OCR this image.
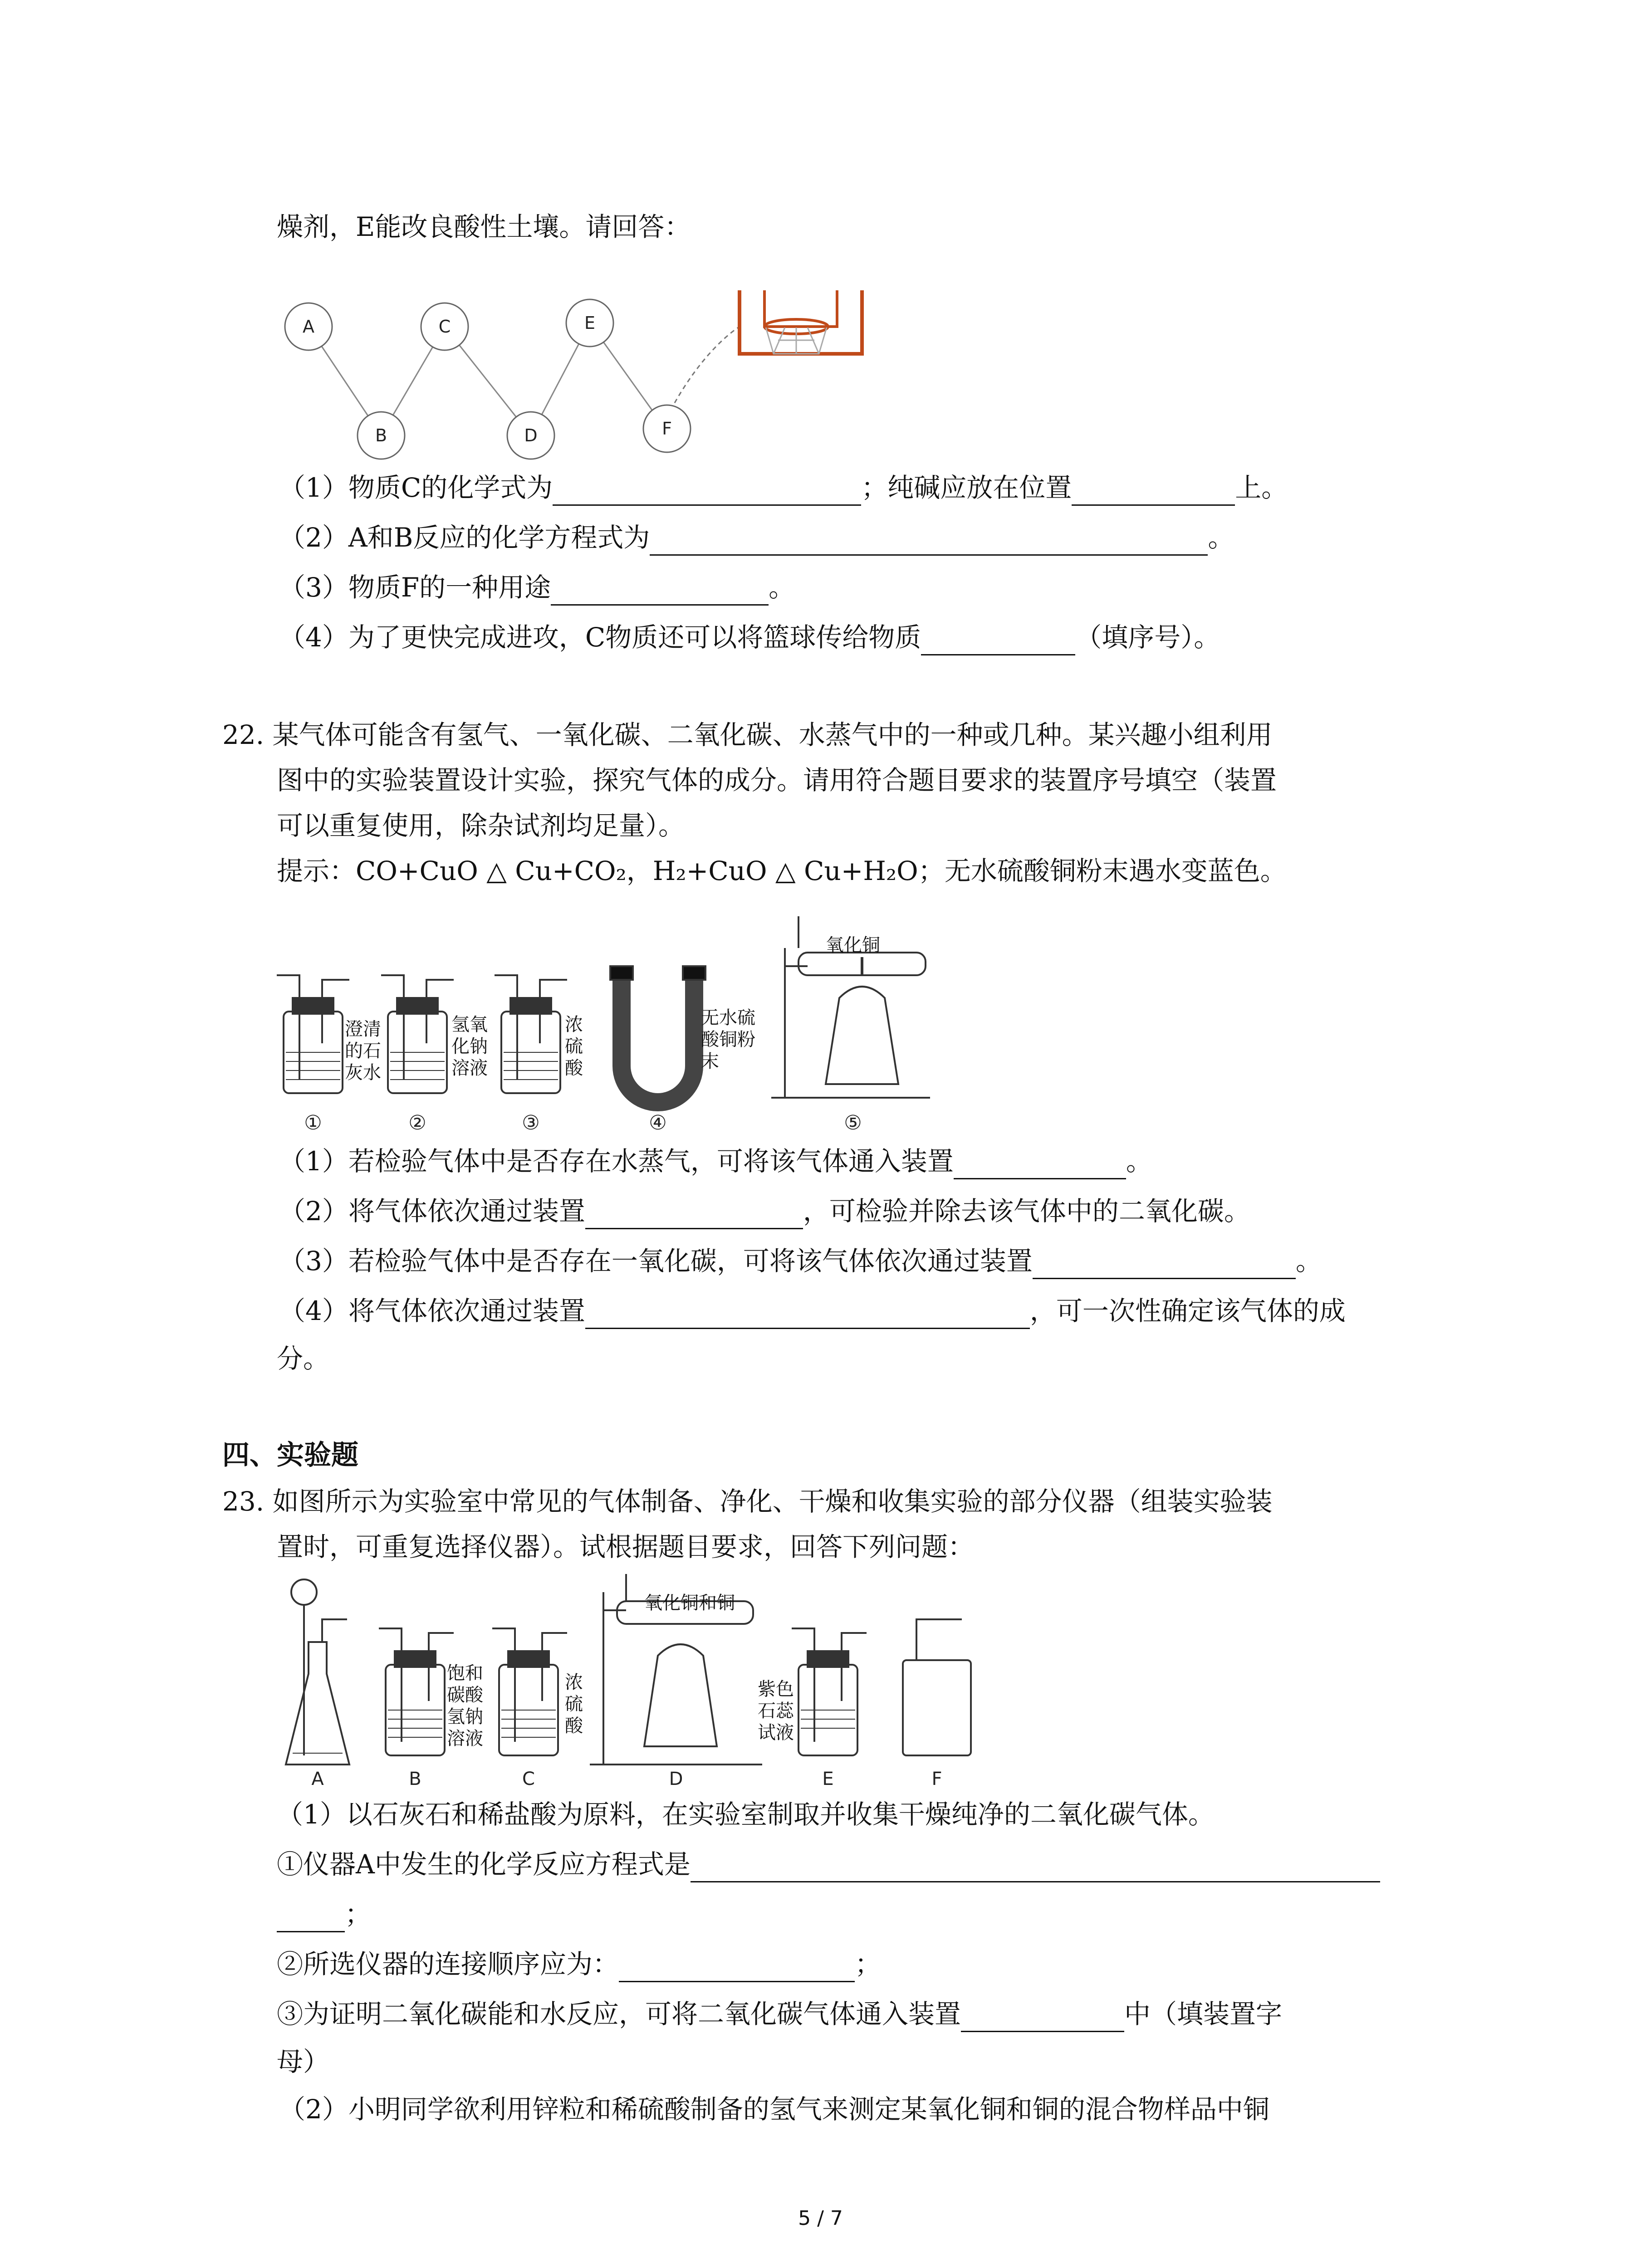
燥剂，E能改良酸性土壤。请回答：
A	C	E
B	D	F
（1）物质C的化学式为	；纯碱应放在位置	上。
（2）A和B反应的化学方程式为	。
（3）物质F的一种用途	。
（4）为了更快完成进攻，C物质还可以将篮球传给物质	（填序号）。
22. 某气体可能含有氢气、一氧化碳、二氧化碳、水蒸气中的一种或几种。某兴趣小组利用
图中的实验装置设计实验，探究气体的成分。请用符合题目要求的装置序号填空（装置
可以重复使用，除杂试剂均足量）。
提示：CO+CuO △ Cu+CO₂，H₂+CuO △ Cu+H₂O；无水硫酸铜粉末遇水变蓝色。
①	②	③	④	⑤
澄清的石灰水
氢氧化钠溶液
浓硫酸
无水硫酸铜粉末
氧化铜
（1）若检验气体中是否存在水蒸气，可将该气体通入装置	。
（2）将气体依次通过装置	，可检验并除去该气体中的二氧化碳。
（3）若检验气体中是否存在一氧化碳，可将该气体依次通过装置	。
（4）将气体依次通过装置	，可一次性确定该气体的成
分。
四、实验题
23. 如图所示为实验室中常见的气体制备、净化、干燥和收集实验的部分仪器（组装实验装
置时，可重复选择仪器）。试根据题目要求，回答下列问题：
A	B	C	D	E	F
饱和碳酸氢钠溶液
浓硫酸
氧化铜和铜
紫色石蕊试液
（1）以石灰石和稀盐酸为原料，在实验室制取并收集干燥纯净的二氧化碳气体。
①仪器A中发生的化学反应方程式是
；
②所选仪器的连接顺序应为：	；
③为证明二氧化碳能和水反应，可将二氧化碳气体通入装置	中（填装置字
母）
（2）小明同学欲利用锌粒和稀硫酸制备的氢气来测定某氧化铜和铜的混合物样品中铜
5 / 7
